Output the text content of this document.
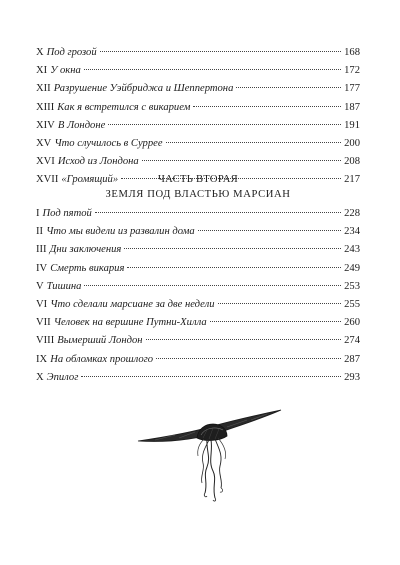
X Под грозой	168
XI У окна	172
XII Разрушение Уэйбриджа и Шеппертона	177
XIII Как я встретился с викарием	187
XIV В Лондоне	191
XV Что случилось в Суррее	200
XVI Исход из Лондона	208
XVII «Громящий»	217
ЧАСТЬ ВТОРАЯ
ЗЕМЛЯ ПОД ВЛАСТЬЮ МАРСИАН
I Под пятой	228
II Что мы видели из развалин дома	234
III Дни заключения	243
IV Смерть викария	249
V Тишина	253
VI Что сделали марсиане за две недели	255
VII Человек на вершине Путни-Хилла	260
VIII Вымерший Лондон	274
IX На обломках прошлого	287
X Эпилог	293
